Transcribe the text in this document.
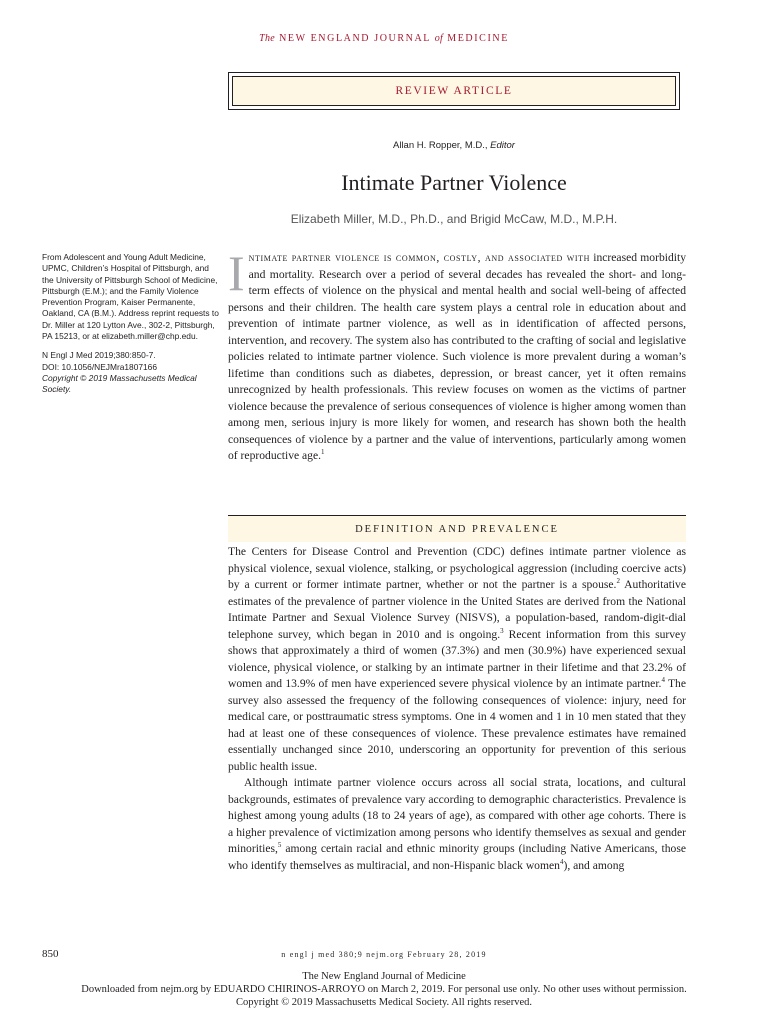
The NEW ENGLAND JOURNAL of MEDICINE
REVIEW ARTICLE
Allan H. Ropper, M.D., Editor
Intimate Partner Violence
Elizabeth Miller, M.D., Ph.D., and Brigid McCaw, M.D., M.P.H.

From Adolescent and Young Adult Medicine, UPMC, Children’s Hospital of Pittsburgh, and the University of Pittsburgh School of Medicine, Pittsburgh (E.M.); and the Family Violence Prevention Program, Kaiser Permanente, Oakland, CA (B.M.). Address reprint requests to Dr. Miller at 120 Lytton Ave., 302-2, Pittsburgh, PA 15213, or at elizabeth.miller@chp.edu.

N Engl J Med 2019;380:850-7.
DOI: 10.1056/NEJMra1807166
Copyright © 2019 Massachusetts Medical Society.

Intimate partner violence is common, costly, and associated with increased morbidity and mortality. Research over a period of several decades has revealed the short- and long-term effects of violence on the physical and mental health and social well-being of affected persons and their children. The health care system plays a central role in education about and prevention of intimate partner violence, as well as in identification of affected persons, intervention, and recovery. The system also has contributed to the crafting of social and legislative policies related to intimate partner violence. Such violence is more prevalent during a woman’s lifetime than conditions such as diabetes, depression, or breast cancer, yet it often remains unrecognized by health professionals. This review focuses on women as the victims of partner violence because the prevalence of serious consequences of violence is higher among women than among men, serious injury is more likely for women, and research has shown both the health consequences of violence by a partner and the value of interventions, particularly among women of reproductive age.$^1$

DEFINITION AND PREVALENCE

The Centers for Disease Control and Prevention (CDC) defines intimate partner violence as physical violence, sexual violence, stalking, or psychological aggression (including coercive acts) by a current or former intimate partner, whether or not the partner is a spouse.$^2$ Authoritative estimates of the prevalence of partner violence in the United States are derived from the National Intimate Partner and Sexual Violence Survey (NISVS), a population-based, random-digit-dial telephone survey, which began in 2010 and is ongoing.$^3$ Recent information from this survey shows that approximately a third of women (37.3%) and men (30.9%) have experienced sexual violence, physical violence, or stalking by an intimate partner in their lifetime and that 23.2% of women and 13.9% of men have experienced severe physical violence by an intimate partner.$^4$ The survey also assessed the frequency of the following consequences of violence: injury, need for medical care, or posttraumatic stress symptoms. One in 4 women and 1 in 10 men stated that they had at least one of these consequences of violence. These prevalence estimates have remained essentially unchanged since 2010, underscoring an opportunity for prevention of this serious public health issue.

Although intimate partner violence occurs across all social strata, locations, and cultural backgrounds, estimates of prevalence vary according to demographic characteristics. Prevalence is highest among young adults (18 to 24 years of age), as compared with other age cohorts. There is a higher prevalence of victimization among persons who identify themselves as sexual and gender minorities,$^5$ among certain racial and ethnic minority groups (including Native Americans, those who identify themselves as multiracial, and non-Hispanic black women$^4$), and among

850	n engl j med 380;9 nejm.org February 28, 2019
The New England Journal of Medicine
Downloaded from nejm.org by EDUARDO CHIRINOS-ARROYO on March 2, 2019. For personal use only. No other uses without permission.
Copyright © 2019 Massachusetts Medical Society. All rights reserved.
